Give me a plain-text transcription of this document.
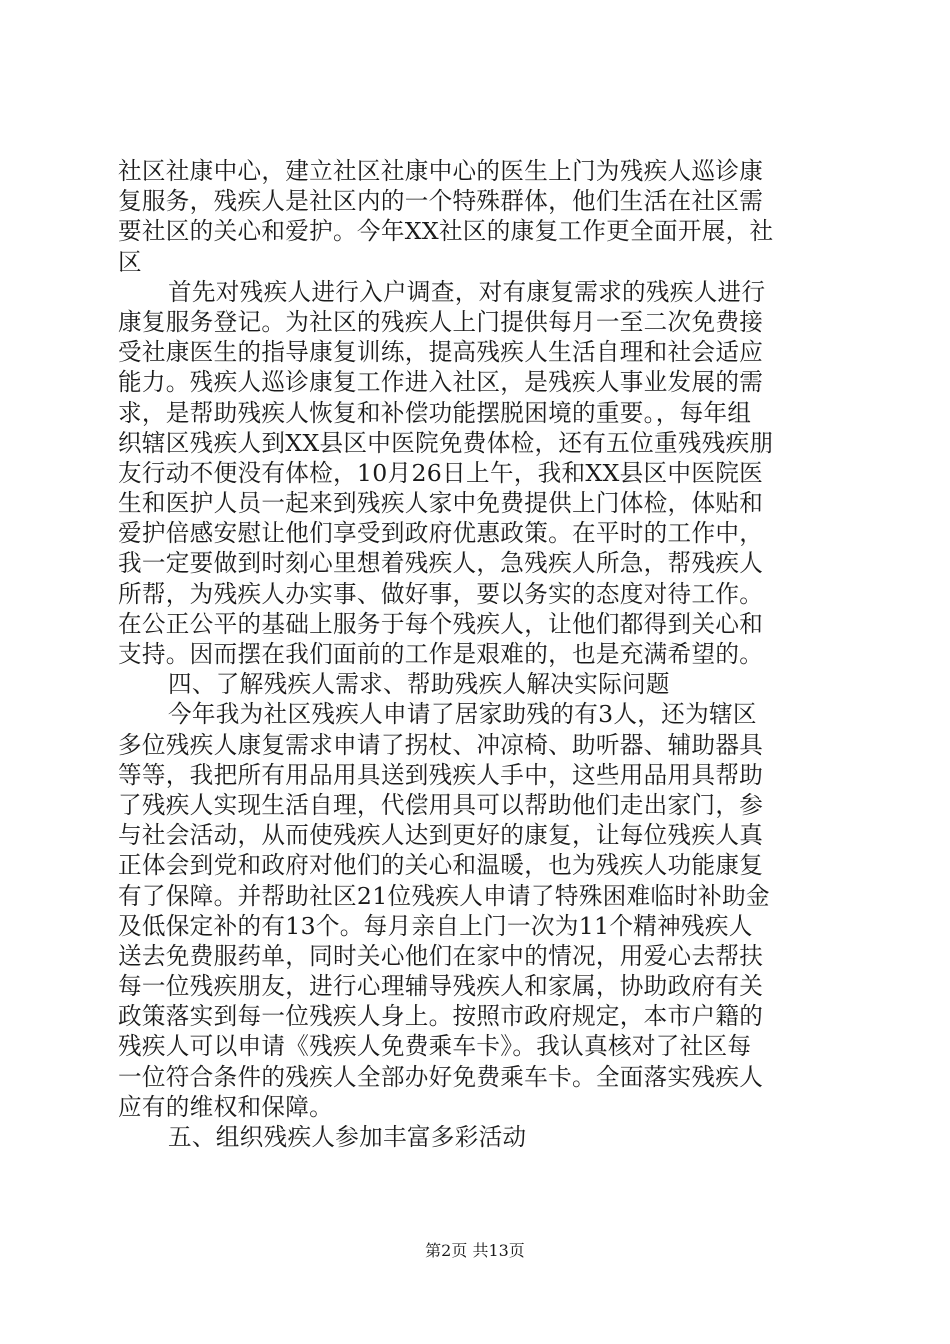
社区社康中心，建立社区社康中心的医生上门为残疾人巡诊康
复服务，残疾人是社区内的一个特殊群体，他们生活在社区需
要社区的关心和爱护。今年XX社区的康复工作更全面开展，社
区
首先对残疾人进行入户调查，对有康复需求的残疾人进行
康复服务登记。为社区的残疾人上门提供每月一至二次免费接
受社康医生的指导康复训练，提高残疾人生活自理和社会适应
能力。残疾人巡诊康复工作进入社区，是残疾人事业发展的需
求，是帮助残疾人恢复和补偿功能摆脱困境的重要。，每年组
织辖区残疾人到XX县区中医院免费体检，还有五位重残残疾朋
友行动不便没有体检，10月26日上午，我和XX县区中医院医
生和医护人员一起来到残疾人家中免费提供上门体检，体贴和
爱护倍感安慰让他们享受到政府优惠政策。在平时的工作中，
我一定要做到时刻心里想着残疾人，急残疾人所急，帮残疾人
所帮，为残疾人办实事、做好事，要以务实的态度对待工作。
在公正公平的基础上服务于每个残疾人，让他们都得到关心和
支持。因而摆在我们面前的工作是艰难的，也是充满希望的。
四、了解残疾人需求、帮助残疾人解决实际问题
今年我为社区残疾人申请了居家助残的有3人，还为辖区
多位残疾人康复需求申请了拐杖、冲凉椅、助听器、辅助器具
等等，我把所有用品用具送到残疾人手中，这些用品用具帮助
了残疾人实现生活自理，代偿用具可以帮助他们走出家门，参
与社会活动，从而使残疾人达到更好的康复，让每位残疾人真
正体会到党和政府对他们的关心和温暖，也为残疾人功能康复
有了保障。并帮助社区21位残疾人申请了特殊困难临时补助金
及低保定补的有13个。每月亲自上门一次为11个精神残疾人
送去免费服药单，同时关心他们在家中的情况，用爱心去帮扶
每一位残疾朋友，进行心理辅导残疾人和家属，协助政府有关
政策落实到每一位残疾人身上。按照市政府规定，本市户籍的
残疾人可以申请《残疾人免费乘车卡》。我认真核对了社区每
一位符合条件的残疾人全部办好免费乘车卡。全面落实残疾人
应有的维权和保障。
五、组织残疾人参加丰富多彩活动
第2页 共13页
